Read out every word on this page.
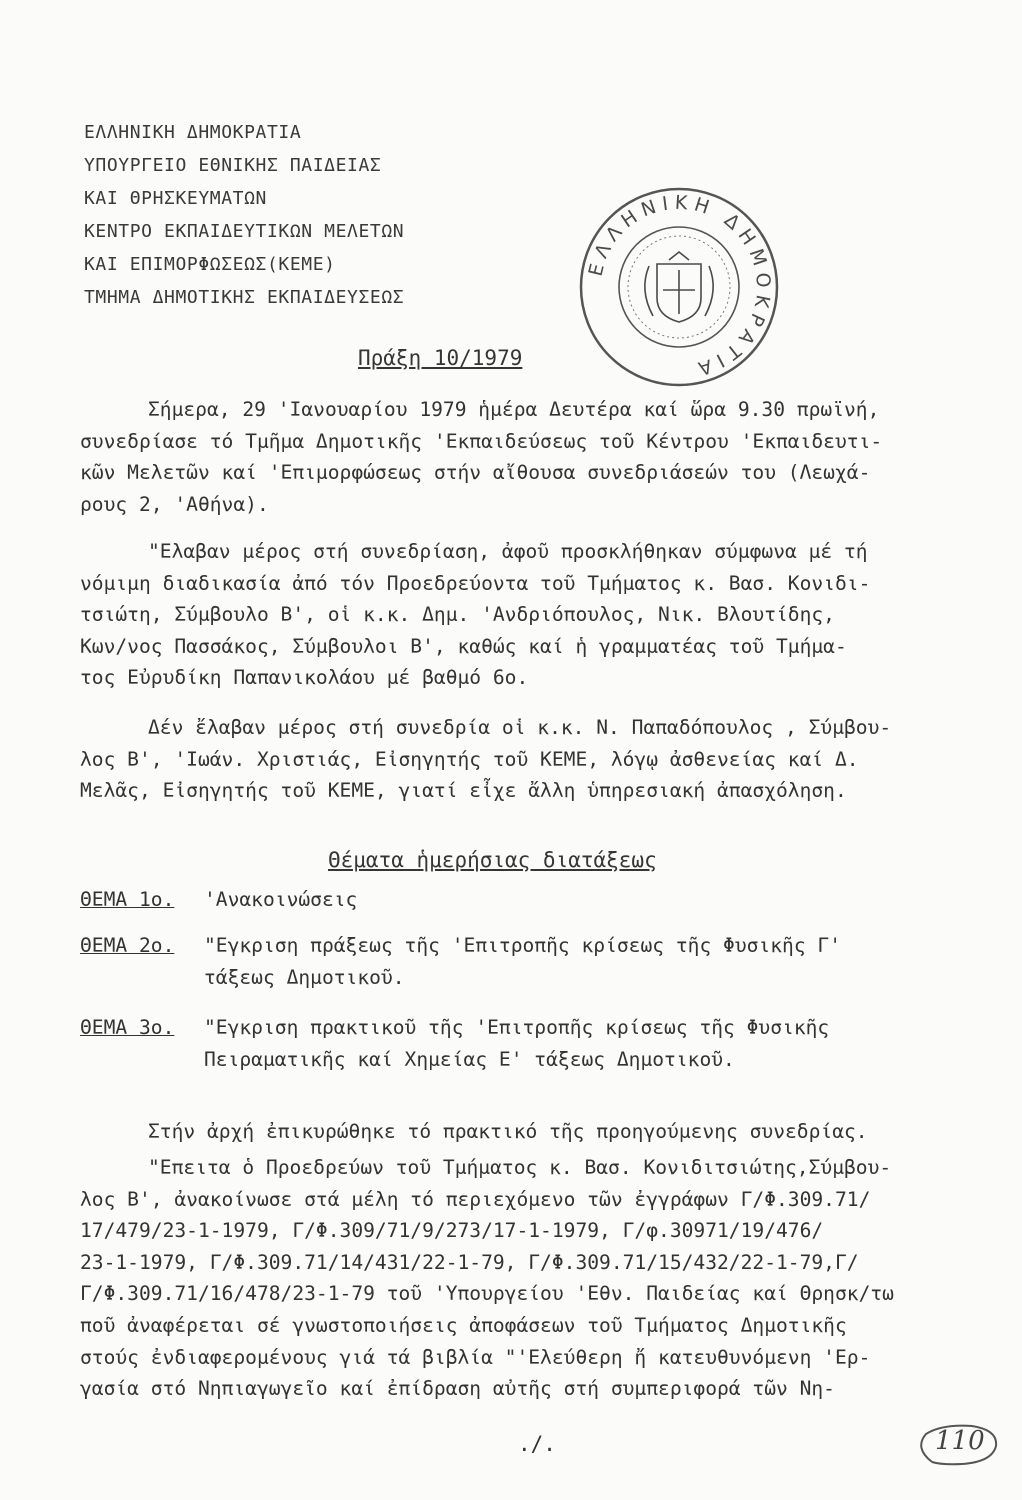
ΕΛΛΗΝΙΚΗ ΔΗΜΟΚΡΑΤΙΑ
ΥΠΟΥΡΓΕΙΟ ΕΘΝΙΚΗΣ ΠΑΙΔΕΙΑΣ
ΚΑΙ ΘΡΗΣΚΕΥΜΑΤΩΝ
ΚΕΝΤΡΟ ΕΚΠΑΙΔΕΥΤΙΚΩΝ ΜΕΛΕΤΩΝ
ΚΑΙ ΕΠΙΜΟΡΦΩΣΕΩΣ(ΚΕΜΕ)
ΤΜΗΜΑ ΔΗΜΟΤΙΚΗΣ ΕΚΠΑΙΔΕΥΣΕΩΣ
ΕΛΛΗΝΙΚΗ ΔΗΜΟΚΡΑΤΙΑ
Πράξη 10/1979
Σήμερα, 29 'Ιανουαρίου 1979 ἡμέρα Δευτέρα καί ὥρα 9.30 πρωϊνή,
συνεδρίασε τό Τμῆμα Δημοτικῆς 'Εκπαιδεύσεως τοῦ Κέντρου 'Εκπαιδευτι-
κῶν Μελετῶν καί 'Επιμορφώσεως στήν αἴθουσα συνεδριάσεών του (Λεωχά-
ρους 2, 'Αθήνα).
"Ελαβαν μέρος στή συνεδρίαση, ἀφοῦ προσκλήθηκαν σύμφωνα μέ τή
νόμιμη διαδικασία ἀπό τόν Προεδρεύοντα τοῦ Τμήματος κ. Βασ. Κονιδι-
τσιώτη, Σύμβουλο Β', οἱ κ.κ. Δημ. 'Ανδριόπουλος, Νικ. Βλουτίδης,
Κων/νος Πασσάκος, Σύμβουλοι Β', καθώς καί ἡ γραμματέας τοῦ Τμήμα-
τος Εὐρυδίκη Παπανικολάου μέ βαθμό 6ο.
Δέν ἔλαβαν μέρος στή συνεδρία οἱ κ.κ. Ν. Παπαδόπουλος , Σύμβου-
λος Β', 'Ιωάν. Χριστιάς, Εἰσηγητής τοῦ ΚΕΜΕ, λόγῳ ἀσθενείας καί Δ.
Μελᾶς, Εἰσηγητής τοῦ ΚΕΜΕ, γιατί εἶχε ἄλλη ὑπηρεσιακή ἀπασχόληση.
Θέματα ἡμερήσιας διατάξεως
ΘΕΜΑ 1ο. 'Ανακοινώσεις
ΘΕΜΑ 2ο. "Εγκριση πράξεως τῆς 'Επιτροπῆς κρίσεως τῆς Φυσικῆς Γ'
τάξεως Δημοτικοῦ.
ΘΕΜΑ 3ο. "Εγκριση πρακτικοῦ τῆς 'Επιτροπῆς κρίσεως τῆς Φυσικῆς
Πειραματικῆς καί Χημείας Ε' τάξεως Δημοτικοῦ.
Στήν ἀρχή ἐπικυρώθηκε τό πρακτικό τῆς προηγούμενης συνεδρίας.
"Επειτα ὁ Προεδρεύων τοῦ Τμήματος κ. Βασ. Κονιδιτσιώτης,Σύμβου-
λος Β', ἀνακοίνωσε στά μέλη τό περιεχόμενο τῶν ἐγγράφων Γ/Φ.309.71/
17/479/23-1-1979, Γ/Φ.309/71/9/273/17-1-1979, Γ/φ.30971/19/476/
23-1-1979, Γ/Φ.309.71/14/431/22-1-79, Γ/Φ.309.71/15/432/22-1-79,Γ/
Γ/Φ.309.71/16/478/23-1-79 τοῦ 'Υπουργείου 'Εθν. Παιδείας καί Θρησκ/τω
ποῦ ἀναφέρεται σέ γνωστοποιήσεις ἀποφάσεων τοῦ Τμήματος Δημοτικῆς
στούς ἐνδιαφερομένους γιά τά βιβλία "'Ελεύθερη ἤ κατευθυνόμενη 'Ερ-
γασία στό Νηπιαγωγεῖο καί ἐπίδραση αὐτῆς στή συμπεριφορά τῶν Νη-
./.	110
